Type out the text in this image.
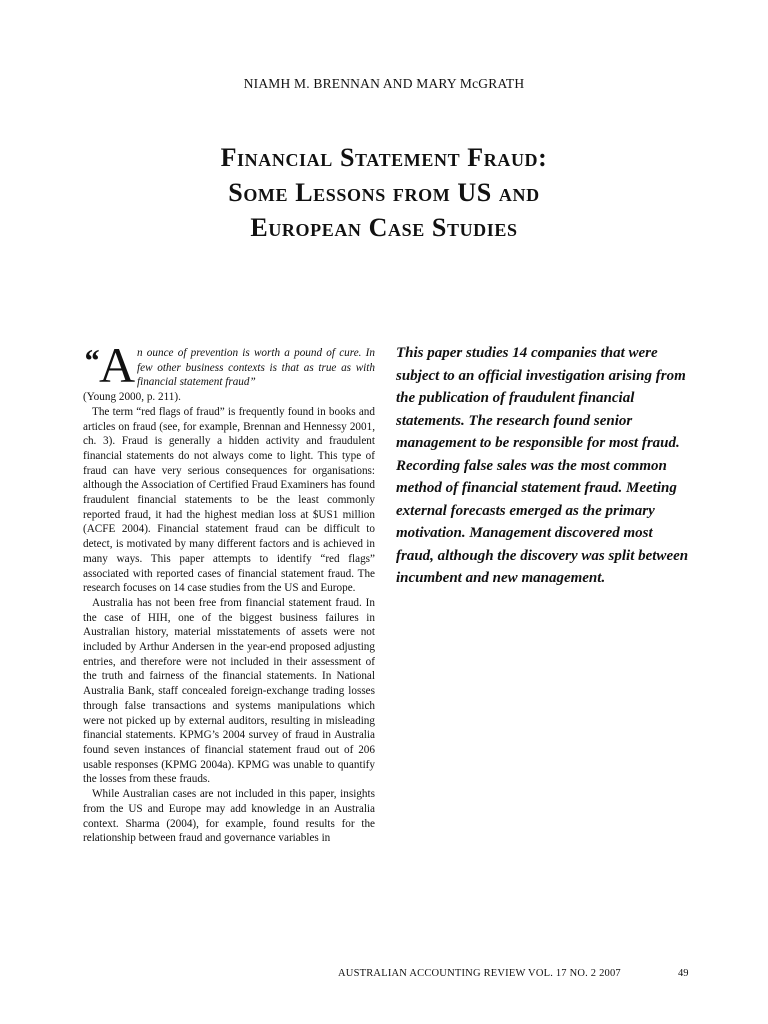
NIAMH M. BRENNAN AND MARY McGRATH
Financial Statement Fraud:
Some Lessons from US and
European Case Studies

“ A n ounce of prevention is worth a pound of cure. In few other business contexts is that as true as with financial statement fraud”

(Young 2000, p. 211).

The term “red flags of fraud” is frequently found in books and articles on fraud (see, for example, Brennan and Hennessy 2001, ch. 3). Fraud is generally a hidden activity and fraudulent financial statements do not always come to light. This type of fraud can have very serious consequences for organisations: although the Association of Certified Fraud Examiners has found fraudulent financial statements to be the least commonly reported fraud, it had the highest median loss at $US1 million (ACFE 2004). Financial statement fraud can be difficult to detect, is motivated by many different factors and is achieved in many ways. This paper attempts to identify “red flags” associated with reported cases of financial statement fraud. The research focuses on 14 case studies from the US and Europe.

Australia has not been free from financial statement fraud. In the case of HIH, one of the biggest business failures in Australian history, material misstatements of assets were not included by Arthur Andersen in the year-end proposed adjusting entries, and therefore were not included in their assessment of the truth and fairness of the financial statements. In National Australia Bank, staff concealed foreign-exchange trading losses through false transactions and systems manipulations which were not picked up by external auditors, resulting in misleading financial statements. KPMG’s 2004 survey of fraud in Australia found seven instances of financial statement fraud out of 206 usable responses (KPMG 2004a). KPMG was unable to quantify the losses from these frauds.

While Australian cases are not included in this paper, insights from the US and Europe may add knowledge in an Australia context. Sharma (2004), for example, found results for the relationship between fraud and governance variables in

This paper studies 14 companies that were subject to an official investigation arising from the publication of fraudulent financial statements. The research found senior management to be responsible for most fraud. Recording false sales was the most common method of financial statement fraud. Meeting external forecasts emerged as the primary motivation. Management discovered most fraud, although the discovery was split between incumbent and new management.
AUSTRALIAN ACCOUNTING REVIEW VOL. 17 NO. 2 2007	49
